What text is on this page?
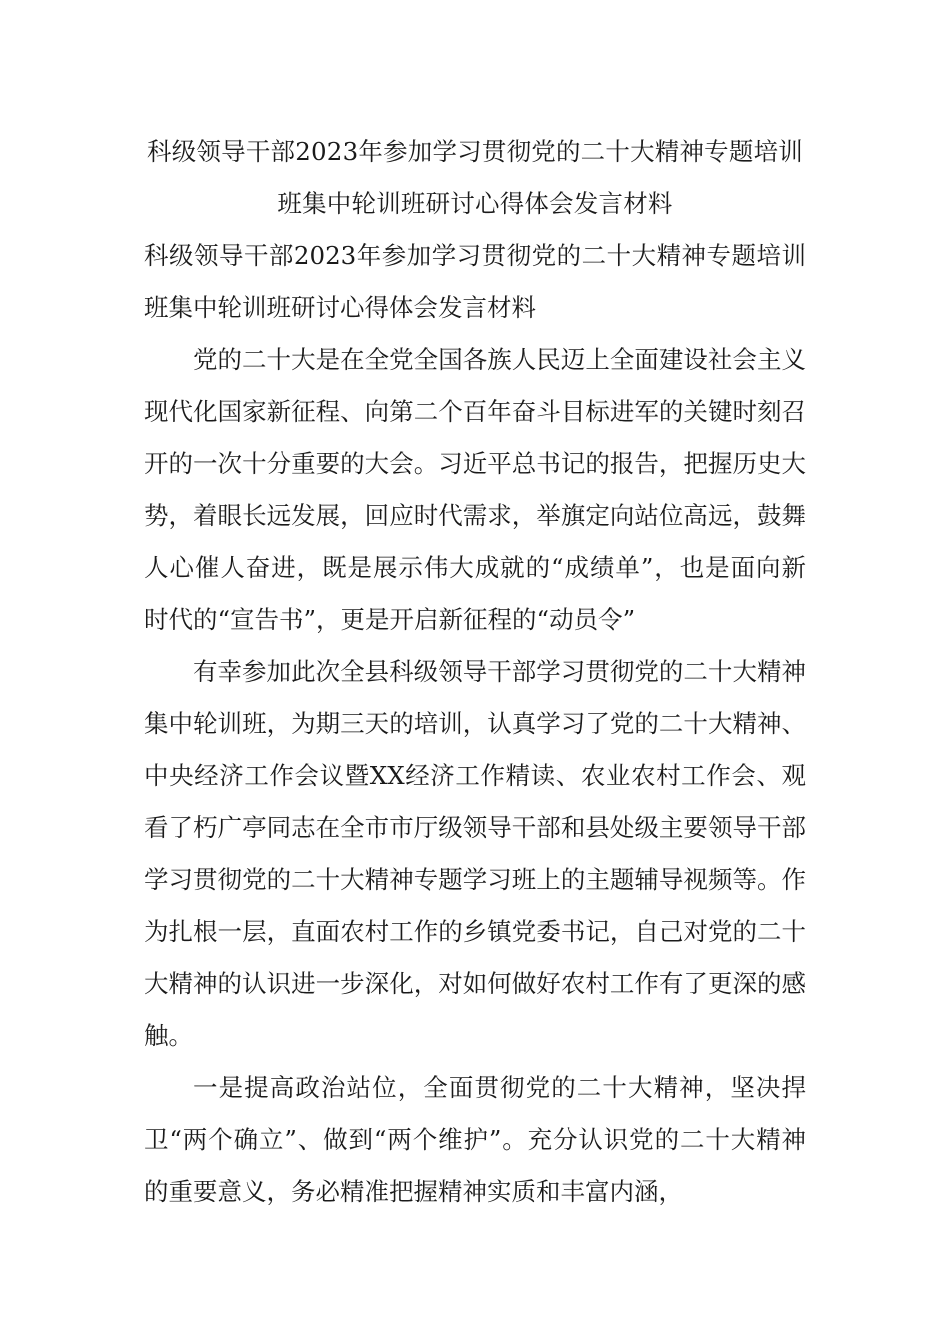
科级领导干部2023年参加学习贯彻党的二十大精神专题培训班集中轮训班研讨心得体会发言材料
科级领导干部2023年参加学习贯彻党的二十大精神专题培训班集中轮训班研讨心得体会发言材料

党的二十大是在全党全国各族人民迈上全面建设社会主义现代化国家新征程、向第二个百年奋斗目标进军的关键时刻召开的一次十分重要的大会。习近平总书记的报告，把握历史大势，着眼长远发展，回应时代需求，举旗定向站位高远，鼓舞人心催人奋进，既是展示伟大成就的“成绩单”，也是面向新时代的“宣告书”，更是开启新征程的“动员令”

有幸参加此次全县科级领导干部学习贯彻党的二十大精神集中轮训班，为期三天的培训，认真学习了党的二十大精神、中央经济工作会议暨XX经济工作精读、农业农村工作会、观看了朽广亭同志在全市市厅级领导干部和县处级主要领导干部学习贯彻党的二十大精神专题学习班上的主题辅导视频等。作为扎根一层，直面农村工作的乡镇党委书记，自己对党的二十大精神的认识进一步深化，对如何做好农村工作有了更深的感触。

一是提高政治站位，全面贯彻党的二十大精神，坚决捍卫“两个确立”、做到“两个维护”。充分认识党的二十大精神的重要意义，务必精准把握精神实质和丰富内涵，
